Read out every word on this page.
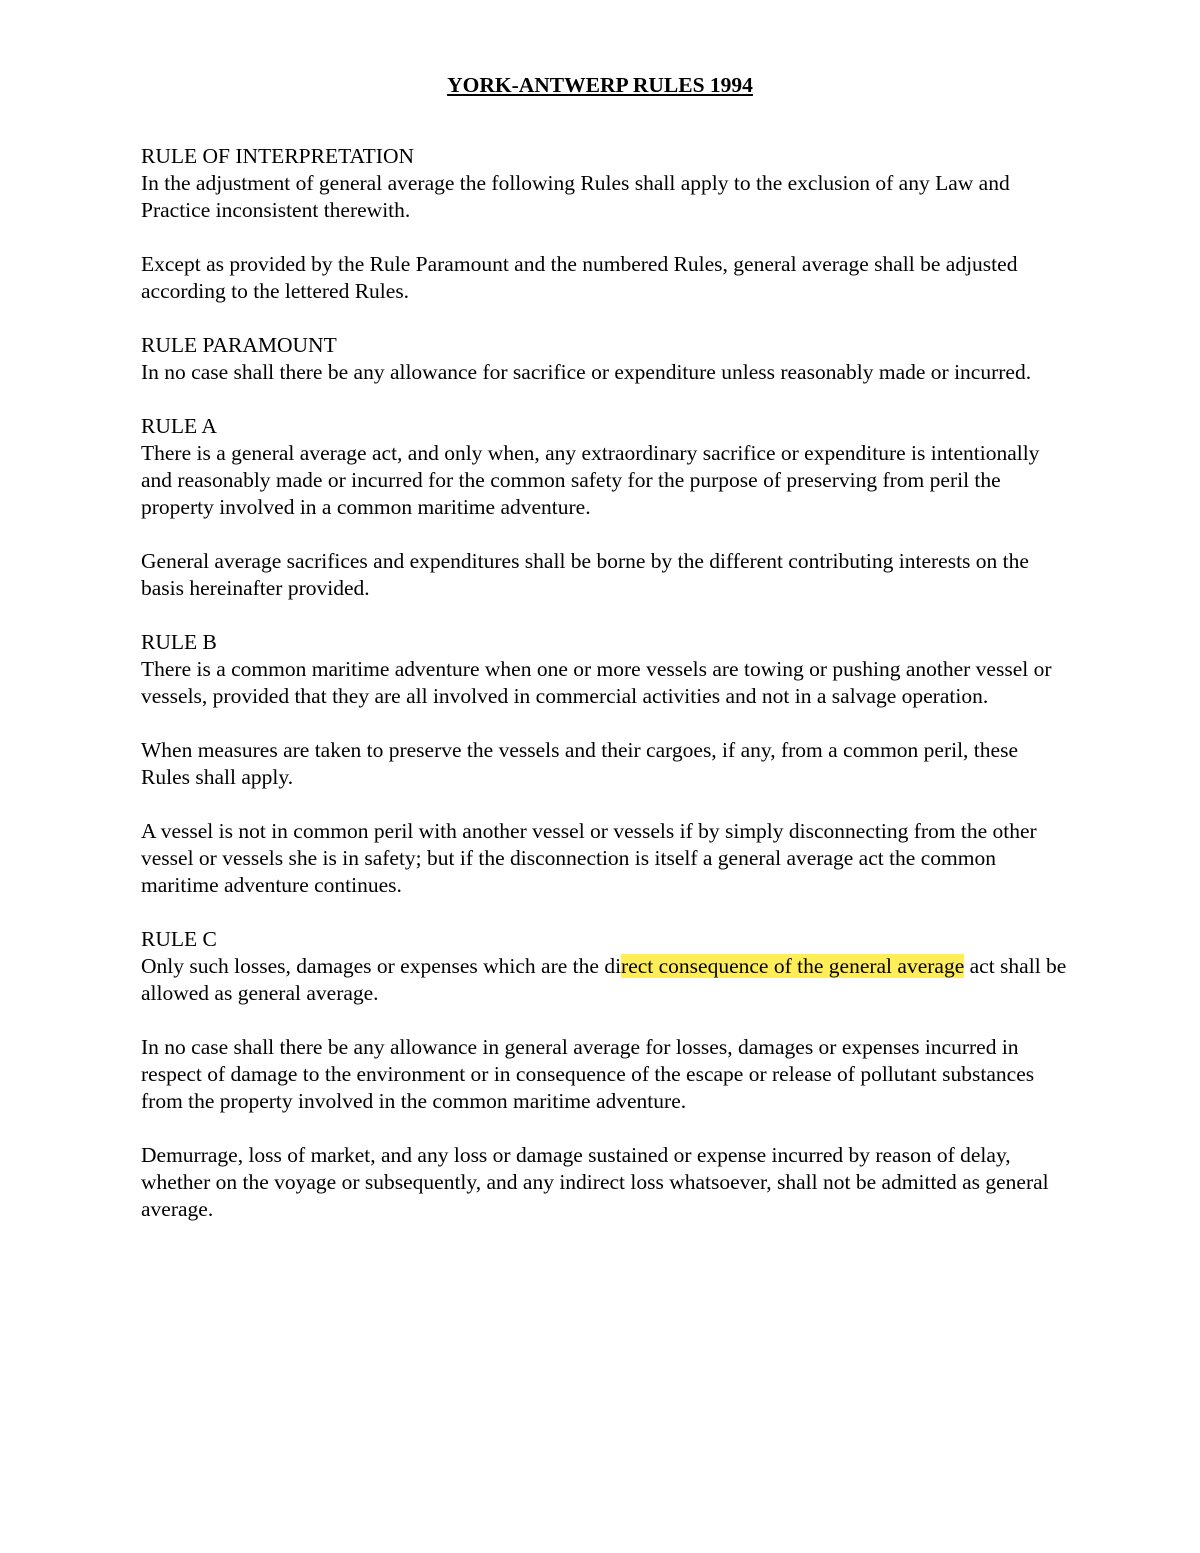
YORK-ANTWERP RULES 1994

RULE OF INTERPRETATION

In the adjustment of general average the following Rules shall apply to the exclusion of any Law and Practice inconsistent therewith.

Except as provided by the Rule Paramount and the numbered Rules, general average shall be adjusted according to the lettered Rules.

RULE PARAMOUNT

In no case shall there be any allowance for sacrifice or expenditure unless reasonably made or incurred.

RULE A

There is a general average act, and only when, any extraordinary sacrifice or expenditure is intentionally and reasonably made or incurred for the common safety for the purpose of preserving from peril the property involved in a common maritime adventure.

General average sacrifices and expenditures shall be borne by the different contributing interests on the basis hereinafter provided.

RULE B

There is a common maritime adventure when one or more vessels are towing or pushing another vessel or vessels, provided that they are all involved in commercial activities and not in a salvage operation.

When measures are taken to preserve the vessels and their cargoes, if any, from a common peril, these Rules shall apply.

A vessel is not in common peril with another vessel or vessels if by simply disconnecting from the other vessel or vessels she is in safety; but if the disconnection is itself a general average act the common maritime adventure continues.

RULE C

Only such losses, damages or expenses which are the direct consequence of the general average act shall be allowed as general average.

In no case shall there be any allowance in general average for losses, damages or expenses incurred in respect of damage to the environment or in consequence of the escape or release of pollutant substances from the property involved in the common maritime adventure.

Demurrage, loss of market, and any loss or damage sustained or expense incurred by reason of delay, whether on the voyage or subsequently, and any indirect loss whatsoever, shall not be admitted as general average.
